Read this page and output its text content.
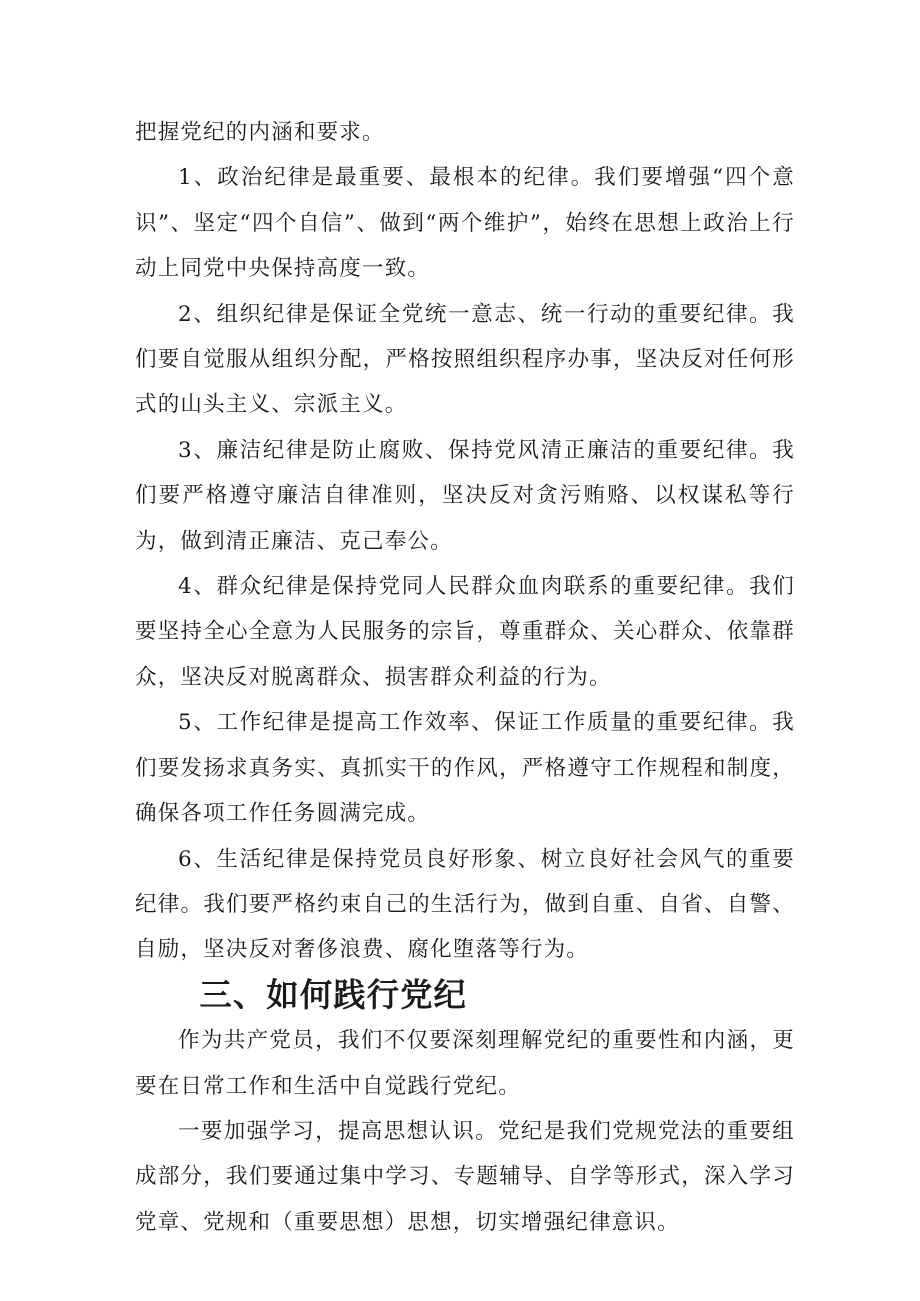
把握党纪的内涵和要求。

1、政治纪律是最重要、最根本的纪律。我们要增强“四个意识”、坚定“四个自信”、做到“两个维护”，始终在思想上政治上行动上同党中央保持高度一致。

2、组织纪律是保证全党统一意志、统一行动的重要纪律。我们要自觉服从组织分配，严格按照组织程序办事，坚决反对任何形式的山头主义、宗派主义。

3、廉洁纪律是防止腐败、保持党风清正廉洁的重要纪律。我们要严格遵守廉洁自律准则，坚决反对贪污贿赂、以权谋私等行为，做到清正廉洁、克己奉公。

4、群众纪律是保持党同人民群众血肉联系的重要纪律。我们要坚持全心全意为人民服务的宗旨，尊重群众、关心群众、依靠群众，坚决反对脱离群众、损害群众利益的行为。

5、工作纪律是提高工作效率、保证工作质量的重要纪律。我们要发扬求真务实、真抓实干的作风，严格遵守工作规程和制度，确保各项工作任务圆满完成。

6、生活纪律是保持党员良好形象、树立良好社会风气的重要纪律。我们要严格约束自己的生活行为，做到自重、自省、自警、自励，坚决反对奢侈浪费、腐化堕落等行为。

三、如何践行党纪

作为共产党员，我们不仅要深刻理解党纪的重要性和内涵，更要在日常工作和生活中自觉践行党纪。

一要加强学习，提高思想认识。党纪是我们党规党法的重要组成部分，我们要通过集中学习、专题辅导、自学等形式，深入学习党章、党规和（重要思想）思想，切实增强纪律意识。
